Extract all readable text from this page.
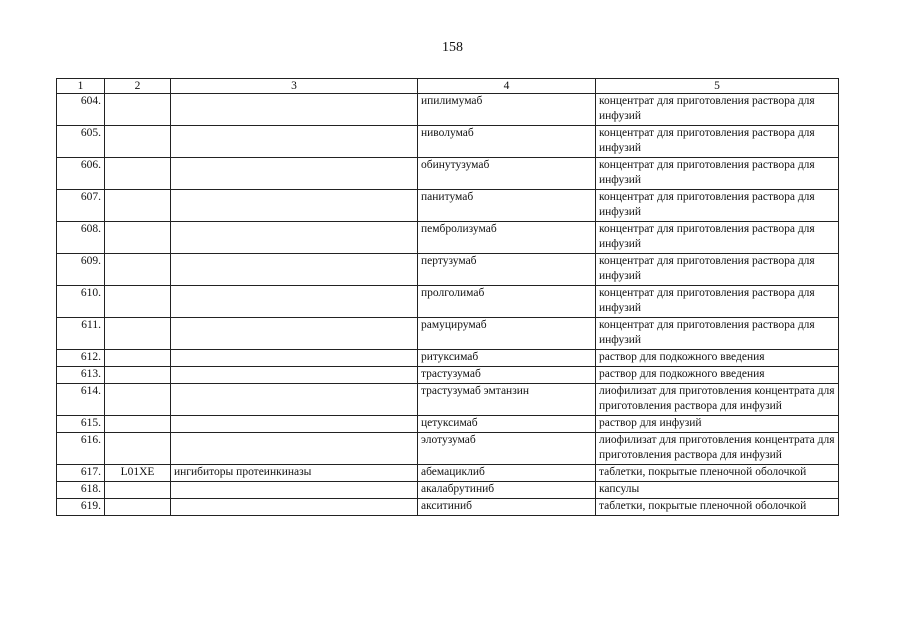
158
1	2	3	4	5
604.			ипилимумаб	концентрат для приготовления раствора для инфузий
605.			ниволумаб	концентрат для приготовления раствора для инфузий
606.			обинутузумаб	концентрат для приготовления раствора для инфузий
607.			панитумаб	концентрат для приготовления раствора для инфузий
608.			пембролизумаб	концентрат для приготовления раствора для инфузий
609.			пертузумаб	концентрат для приготовления раствора для инфузий
610.			пролголимаб	концентрат для приготовления раствора для инфузий
611.			рамуцирумаб	концентрат для приготовления раствора для инфузий
612.			ритуксимаб	раствор для подкожного введения
613.			трастузумаб	раствор для подкожного введения
614.			трастузумаб эмтанзин	лиофилизат для приготовления концентрата для приготовления раствора для инфузий
615.			цетуксимаб	раствор для инфузий
616.			элотузумаб	лиофилизат для приготовления концентрата для приготовления раствора для инфузий
617.	L01XE	ингибиторы протеинкиназы	абемациклиб	таблетки, покрытые пленочной оболочкой
618.			акалабрутиниб	капсулы
619.			акситиниб	таблетки, покрытые пленочной оболочкой
